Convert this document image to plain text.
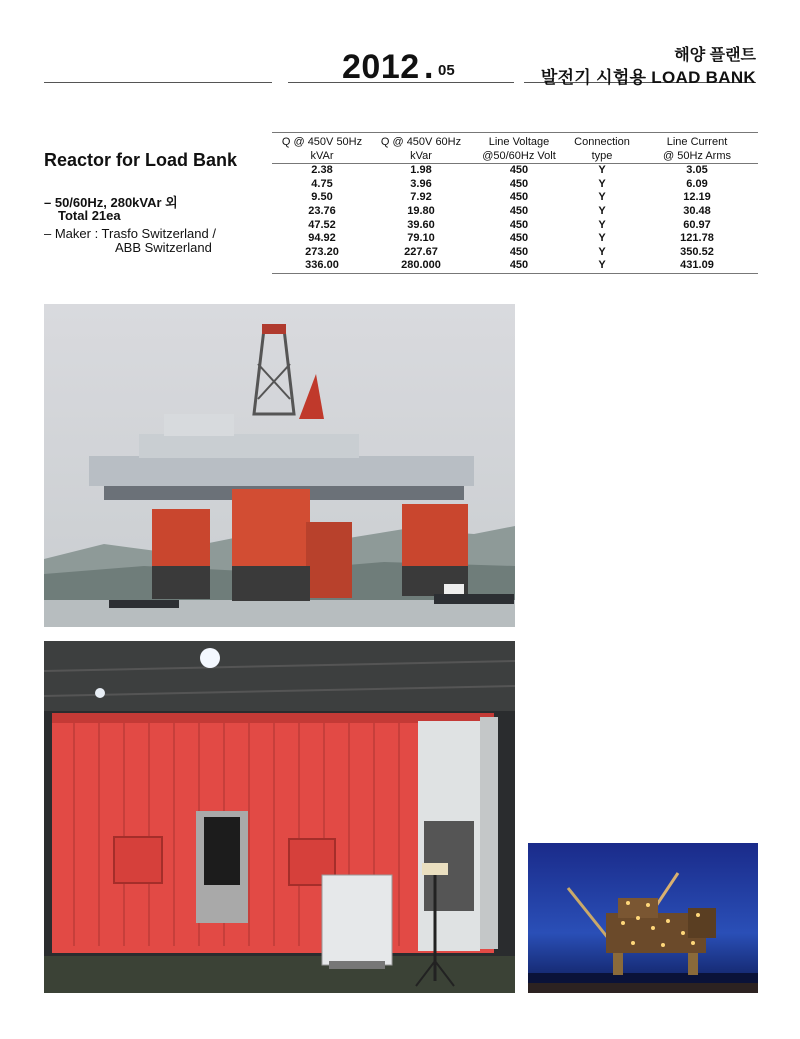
2012 . 05
해양 플랜트
발전기 시험용 LOAD BANK
Reactor for Load Bank
– 50/60Hz, 280kVAr 외
Total 21ea
– Maker : Trasfo Switzerland /
ABB Switzerland
Q @ 450V 50Hz	Q @ 450V 60Hz	Line Voltage	Connection	Line Current
kVAr	kVar	@50/60Hz Volt	type	@ 50Hz Arms
2.38	1.98	450	Y	3.05
4.75	3.96	450	Y	6.09
9.50	7.92	450	Y	12.19
23.76	19.80	450	Y	30.48
47.52	39.60	450	Y	60.97
94.92	79.10	450	Y	121.78
273.20	227.67	450	Y	350.52
336.00	280.000	450	Y	431.09
